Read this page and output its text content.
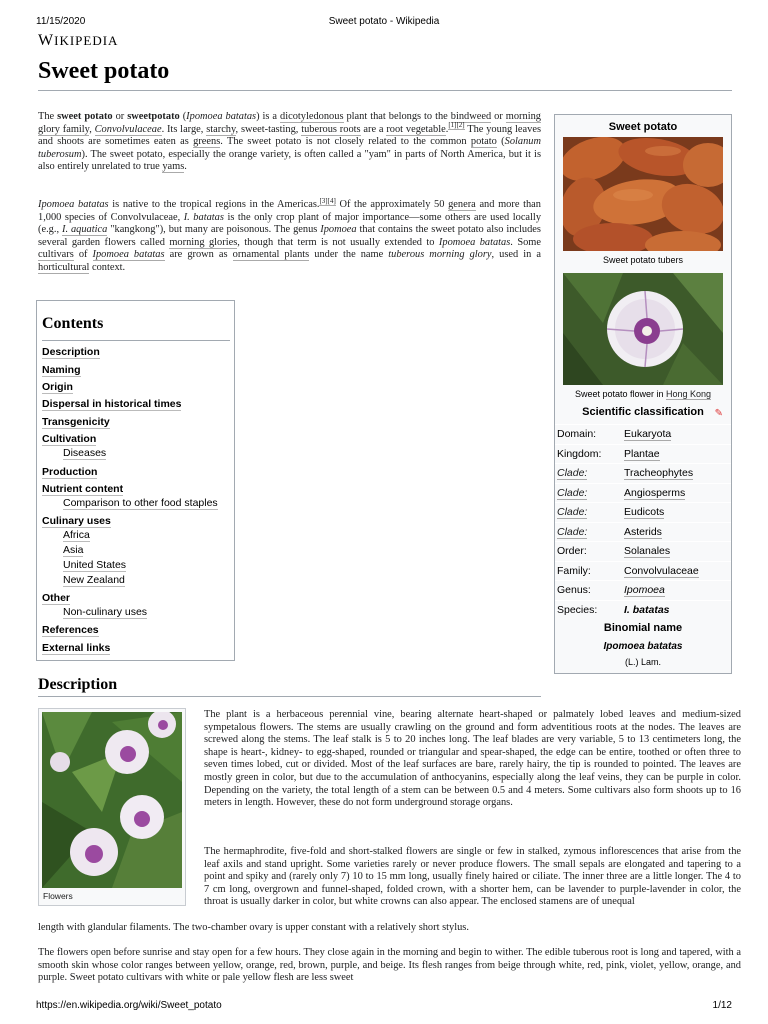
11/15/2020	Sweet potato - Wikipedia
WIKIPEDIA
Sweet potato

The sweet potato or sweetpotato (Ipomoea batatas) is a dicotyledonous plant that belongs to the bindweed or morning glory family, Convolvulaceae. Its large, starchy, sweet-tasting, tuberous roots are a root vegetable.[1][2] The young leaves and shoots are sometimes eaten as greens. The sweet potato is not closely related to the common potato (Solanum tuberosum). The sweet potato, especially the orange variety, is often called a "yam" in parts of North America, but it is also entirely unrelated to true yams.

Ipomoea batatas is native to the tropical regions in the Americas.[3][4] Of the approximately 50 genera and more than 1,000 species of Convolvulaceae, I. batatas is the only crop plant of major importance—some others are used locally (e.g., I. aquatica "kangkong"), but many are poisonous. The genus Ipomoea that contains the sweet potato also includes several garden flowers called morning glories, though that term is not usually extended to Ipomoea batatas. Some cultivars of Ipomoea batatas are grown as ornamental plants under the name tuberous morning glory, used in a horticultural context.

Contents
Description
Naming
Origin
Dispersal in historical times
Transgenicity
Cultivation
Diseases
Production
Nutrient content
Comparison to other food staples
Culinary uses
Africa
Asia
United States
New Zealand
Other
Non-culinary uses
References
External links
Sweet potato
Sweet potato tubers
Sweet potato flower in Hong Kong
Scientific classification	✎
Domain:	Eukaryota
Kingdom: Plantae
Clade:	Tracheophytes
Clade:	Angiosperms
Clade:	Eudicots
Clade:	Asterids
Order:	Solanales
Family:	Convolvulaceae
Genus:	Ipomoea
Species:	I. batatas
Binomial name
Ipomoea batatas
(L.) Lam.
Description
Flowers

The plant is a herbaceous perennial vine, bearing alternate heart-shaped or palmately lobed leaves and medium-sized sympetalous flowers. The stems are usually crawling on the ground and form adventitious roots at the nodes. The leaves are screwed along the stems. The leaf stalk is 5 to 20 inches long. The leaf blades are very variable, 5 to 13 centimeters long, the shape is heart-, kidney- to egg-shaped, rounded or triangular and spear-shaped, the edge can be entire, toothed or often three to seven times lobed, cut or divided. Most of the leaf surfaces are bare, rarely hairy, the tip is rounded to pointed. The leaves are mostly green in color, but due to the accumulation of anthocyanins, especially along the leaf veins, they can be purple in color. Depending on the variety, the total length of a stem can be between 0.5 and 4 meters. Some cultivars also form shoots up to 16 meters in length. However, these do not form underground storage organs.

The hermaphrodite, five-fold and short-stalked flowers are single or few in stalked, zymous inflorescences that arise from the leaf axils and stand upright. Some varieties rarely or never produce flowers. The small sepals are elongated and tapering to a point and spiky and (rarely only 7) 10 to 15 mm long, usually finely haired or ciliate. The inner three are a little longer. The 4 to 7 cm long, overgrown and funnel-shaped, folded crown, with a shorter hem, can be lavender to purple-lavender in color, the throat is usually darker in color, but white crowns can also appear. The enclosed stamens are of unequal

length with glandular filaments. The two-chamber ovary is upper constant with a relatively short stylus.

The flowers open before sunrise and stay open for a few hours. They close again in the morning and begin to wither. The edible tuberous root is long and tapered, with a smooth skin whose color ranges between yellow, orange, red, brown, purple, and beige. Its flesh ranges from beige through white, red, pink, violet, yellow, orange, and purple. Sweet potato cultivars with white or pale yellow flesh are less sweet

https://en.wikipedia.org/wiki/Sweet_potato	1/12
